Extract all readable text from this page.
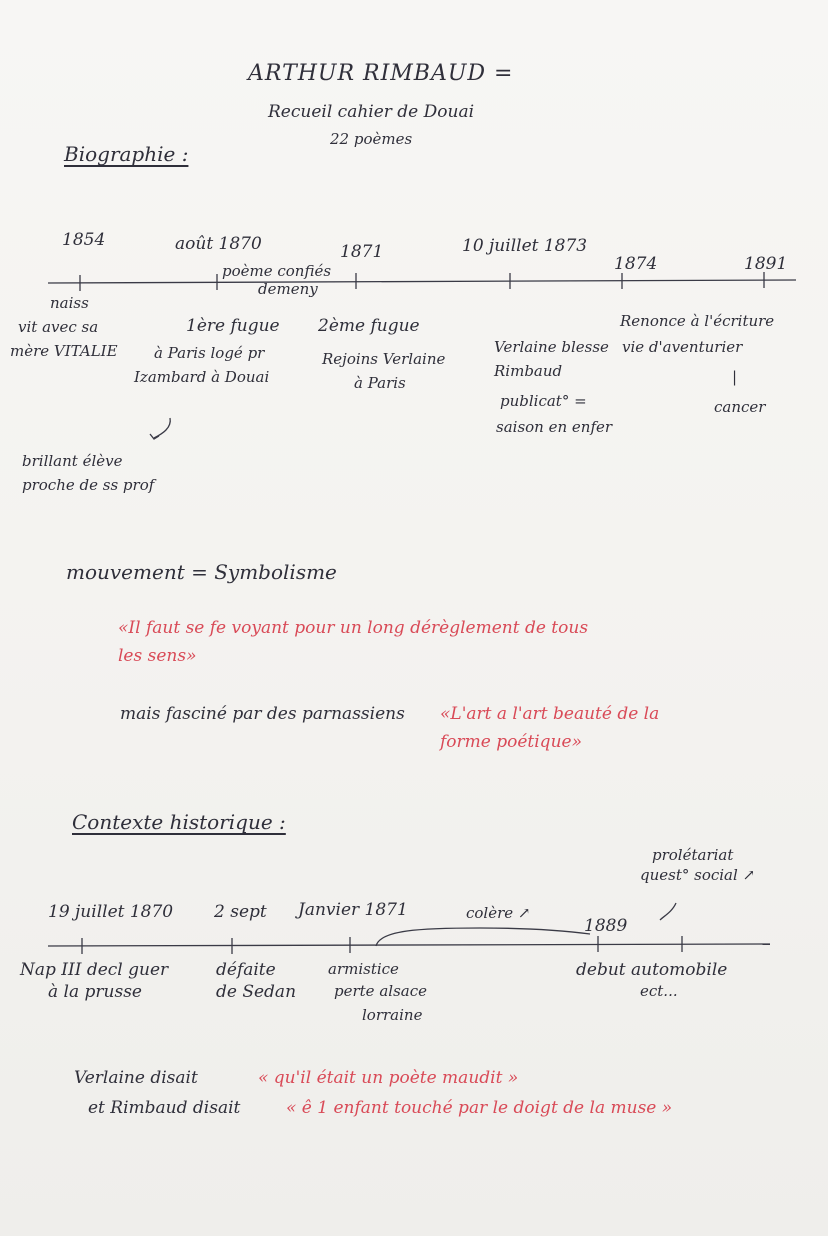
ARTHUR RIMBAUD =

Recueil cahier de Douai

22 poèmes

Biographie :

1854	août 1870	1871	10 juillet 1873

1874	1891

poème confiés

demeny

naiss

vit avec sa

mère VITALIE

1ère fugue

à Paris logé pr

Izambard à Douai

2ème fugue

Rejoins Verlaine

à Paris

Verlaine blesse

Rimbaud

publicat° =

saison en enfer

Renonce à l'écriture

vie d'aventurier

|

cancer

brillant élève

proche de ss prof

mouvement = Symbolisme

«Il faut se fe voyant pour un long dérèglement de tous

les sens»

mais fasciné par des parnassiens «L'art a l'art beauté de la

forme poétique»

Contexte historique :

prolétariat

quest° social ↗

19 juillet 1870 2 sept Janvier 1871	colère ↗

1889

Nap III decl guer

à la prusse

défaite

de Sedan

armistice

perte alsace

lorraine

debut automobile

ect...

Verlaine disait	« qu'il était un poète maudit »

et Rimbaud disait	« ê 1 enfant touché par le doigt de la muse »
